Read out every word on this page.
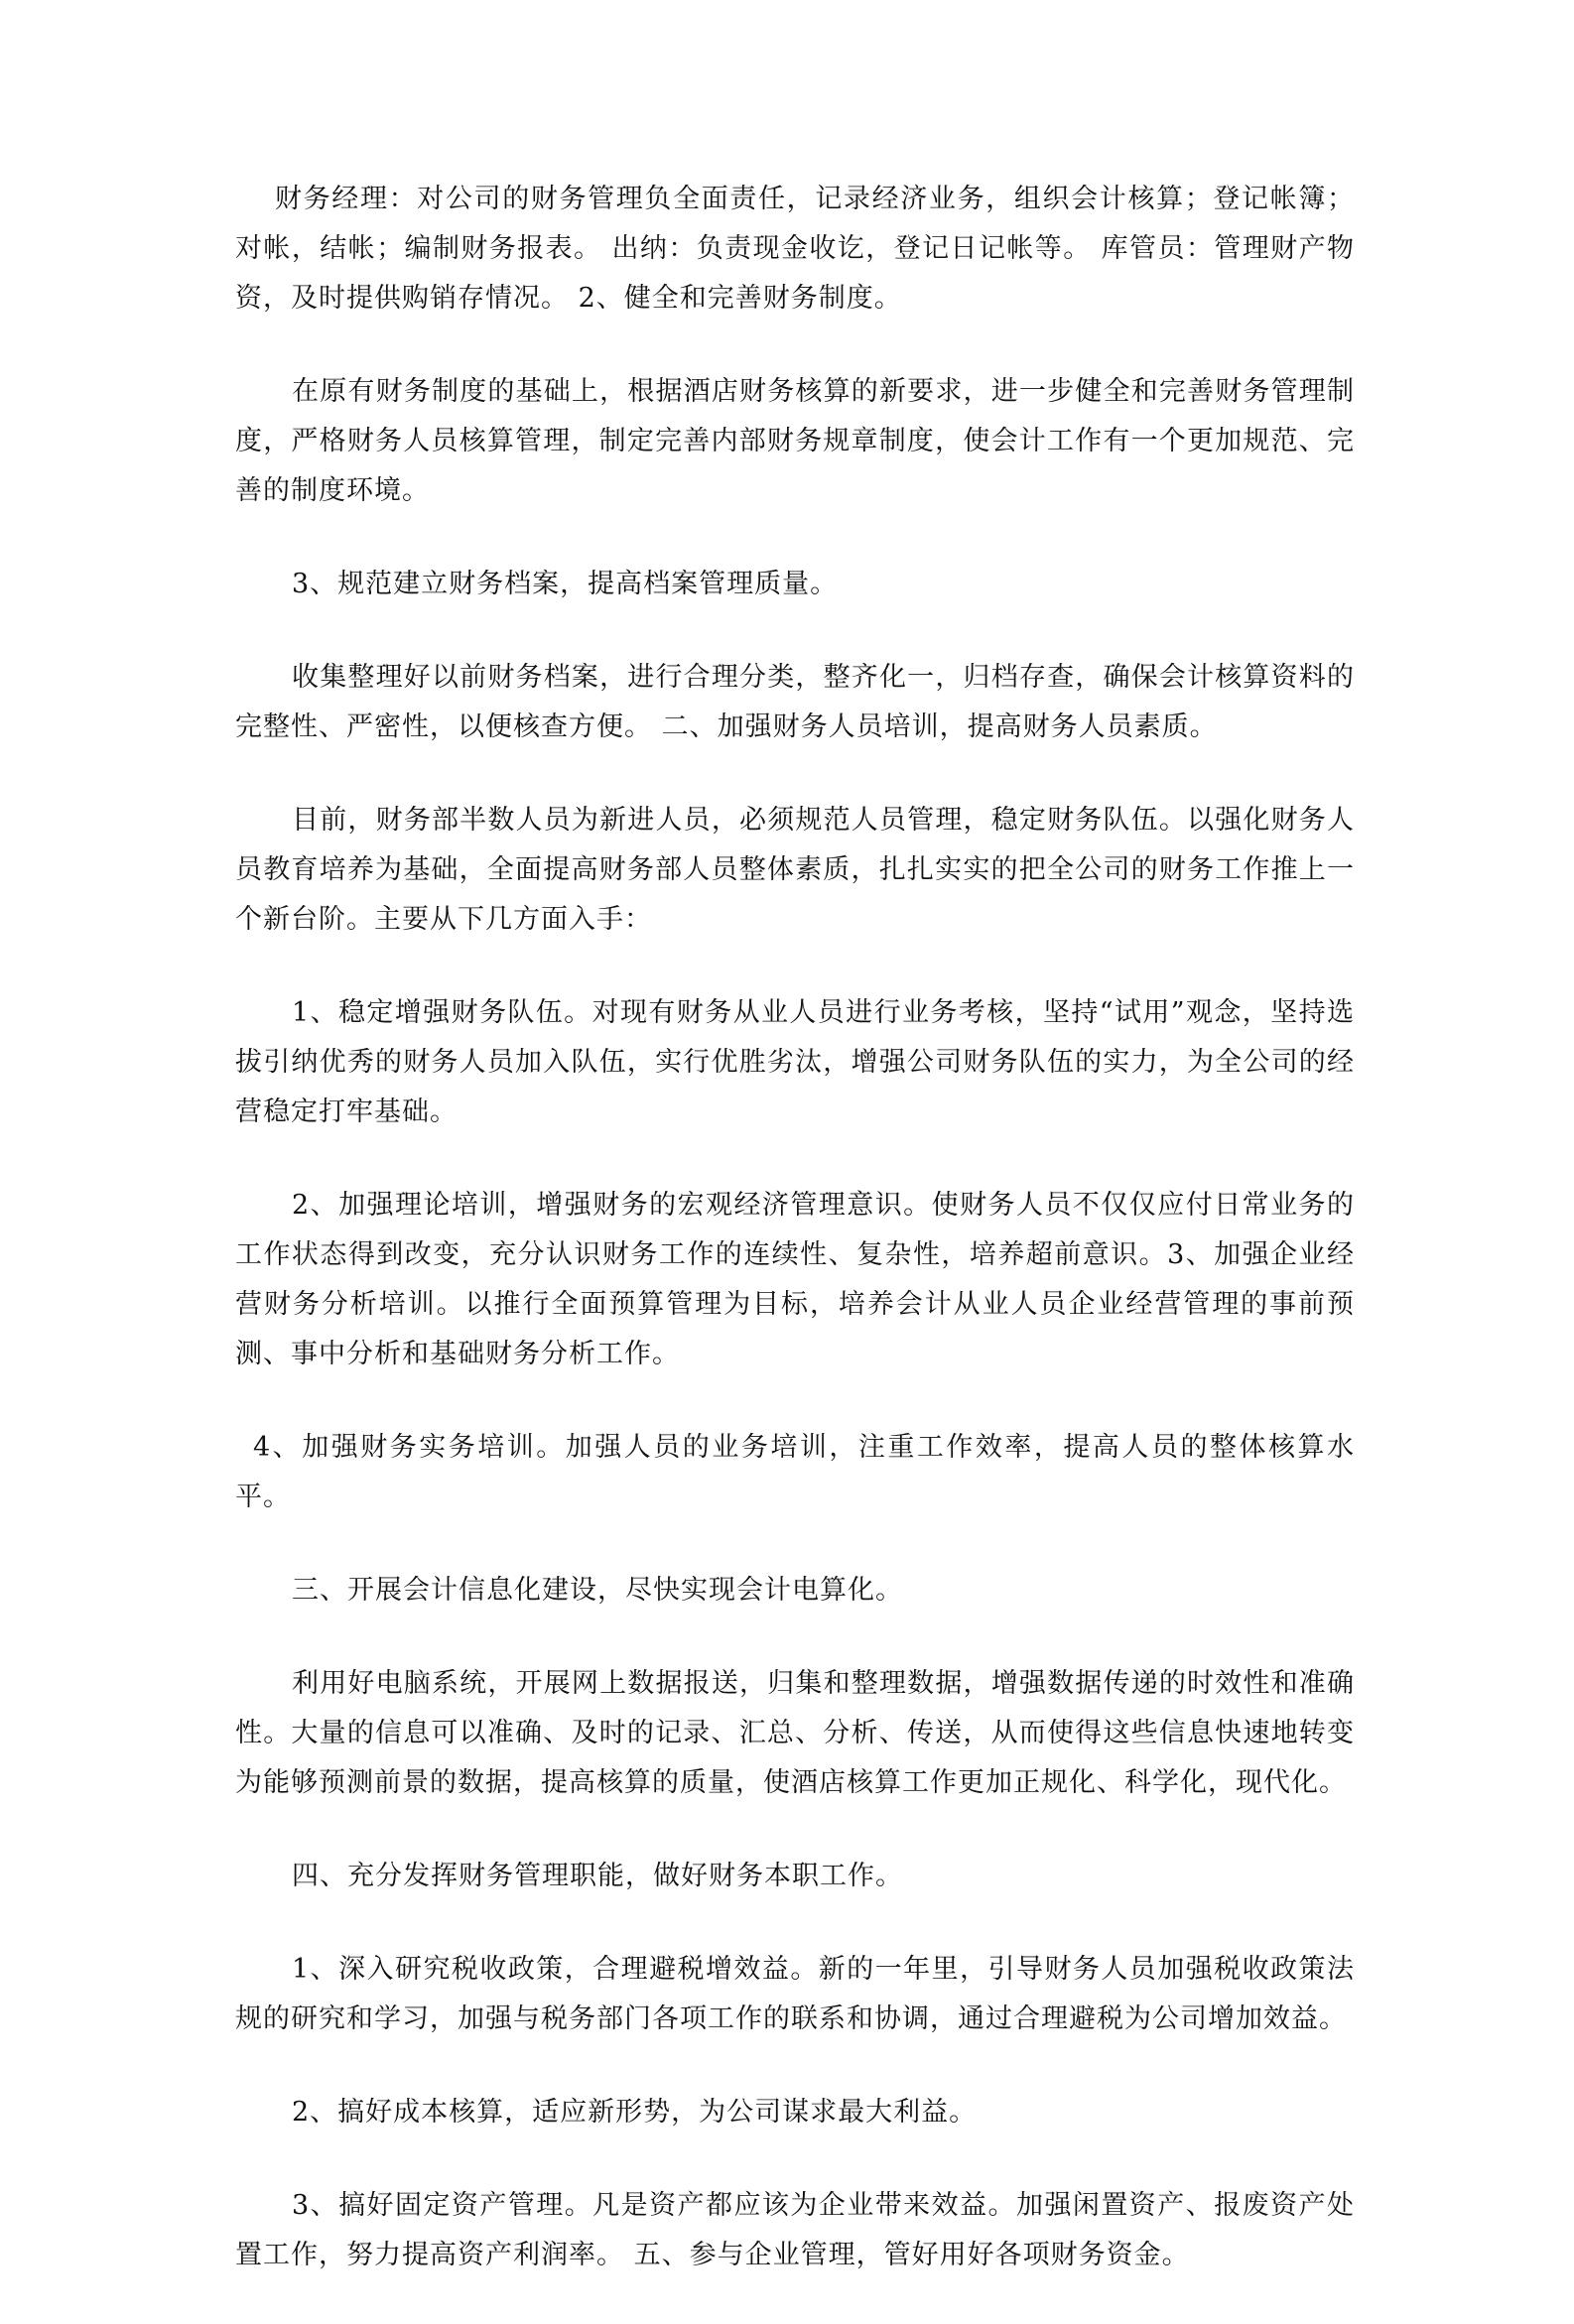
财务经理：对公司的财务管理负全面责任，记录经济业务，组织会计核算；登记帐簿；对帐，结帐；编制财务报表。 出纳：负责现金收讫，登记日记帐等。 库管员：管理财产物资，及时提供购销存情况。 2、健全和完善财务制度。

在原有财务制度的基础上，根据酒店财务核算的新要求，进一步健全和完善财务管理制度，严格财务人员核算管理，制定完善内部财务规章制度，使会计工作有一个更加规范、完善的制度环境。

3、规范建立财务档案，提高档案管理质量。

收集整理好以前财务档案，进行合理分类，整齐化一，归档存查，确保会计核算资料的完整性、严密性，以便核查方便。 二、加强财务人员培训，提高财务人员素质。

目前，财务部半数人员为新进人员，必须规范人员管理，稳定财务队伍。以强化财务人员教育培养为基础，全面提高财务部人员整体素质，扎扎实实的把全公司的财务工作推上一个新台阶。主要从下几方面入手：

1、稳定增强财务队伍。对现有财务从业人员进行业务考核，坚持“试用”观念，坚持选拔引纳优秀的财务人员加入队伍，实行优胜劣汰，增强公司财务队伍的实力，为全公司的经营稳定打牢基础。

2、加强理论培训，增强财务的宏观经济管理意识。使财务人员不仅仅应付日常业务的工作状态得到改变，充分认识财务工作的连续性、复杂性，培养超前意识。3、加强企业经营财务分析培训。以推行全面预算管理为目标，培养会计从业人员企业经营管理的事前预测、事中分析和基础财务分析工作。

4、加强财务实务培训。加强人员的业务培训，注重工作效率，提高人员的整体核算水平。

三、开展会计信息化建设，尽快实现会计电算化。

利用好电脑系统，开展网上数据报送，归集和整理数据，增强数据传递的时效性和准确性。大量的信息可以准确、及时的记录、汇总、分析、传送，从而使得这些信息快速地转变为能够预测前景的数据，提高核算的质量，使酒店核算工作更加正规化、科学化，现代化。

四、充分发挥财务管理职能，做好财务本职工作。

1、深入研究税收政策，合理避税增效益。新的一年里，引导财务人员加强税收政策法规的研究和学习，加强与税务部门各项工作的联系和协调，通过合理避税为公司增加效益。

2、搞好成本核算，适应新形势，为公司谋求最大利益。

3、搞好固定资产管理。凡是资产都应该为企业带来效益。加强闲置资产、报废资产处置工作，努力提高资产利润率。 五、参与企业管理，管好用好各项财务资金。
